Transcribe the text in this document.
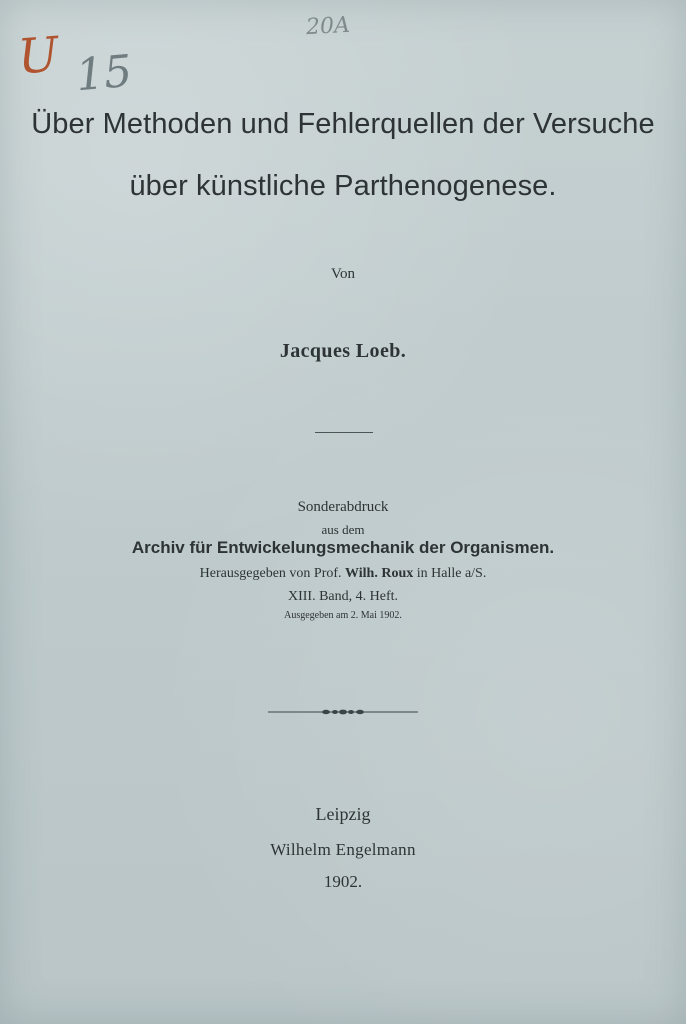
U 15
20A
Über Methoden und Fehlerquellen der Versuche
über künstliche Parthenogenese.
Von
Jacques Loeb.
Sonderabdruck
aus dem
Archiv für Entwickelungsmechanik der Organismen.
Herausgegeben von Prof. Wilh. Roux in Halle a/S.
XIII. Band, 4. Heft.
Ausgegeben am 2. Mai 1902.
Leipzig
Wilhelm Engelmann
1902.
